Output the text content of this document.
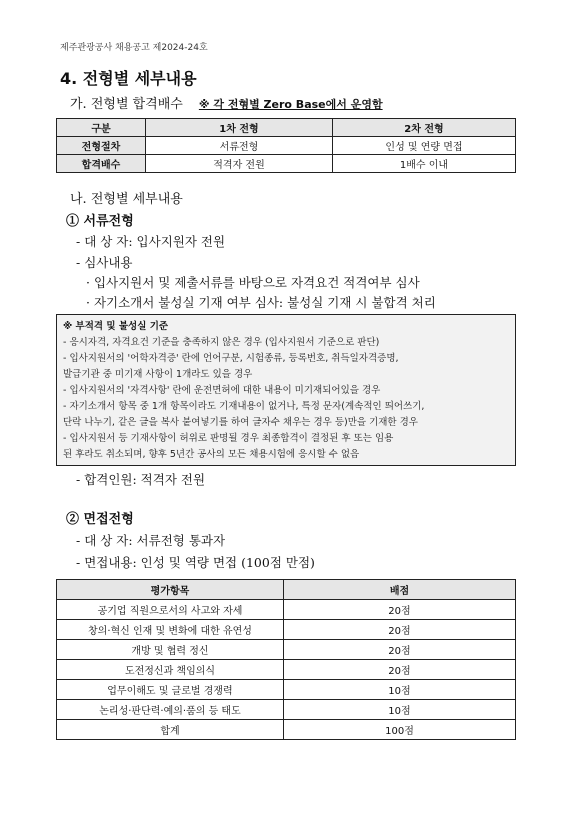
제주관광공사 채용공고 제2024-24호
4. 전형별 세부내용
가. 전형별 합격배수 ※ 각 전형별 Zero Base에서 운영함
구분	1차 전형	2차 전형
전형절차	서류전형	인성 및 연량 면접
합격배수	적격자 전원	1배수 이내
나. 전형별 세부내용
① 서류전형
- 대 상 자: 입사지원자 전원
- 심사내용
· 입사지원서 및 제출서류를 바탕으로 자격요건 적격여부 심사
· 자기소개서 불성실 기재 여부 심사: 불성실 기재 시 불합격 처리
※ 부적격 및 불성실 기준
- 응시자격, 자격요건 기준을 충족하지 않은 경우 (입사지원서 기준으로 판단)
- 입사지원서의 '어학자격증' 란에 언어구분, 시험종류, 등록번호, 취득일자격증명,
발급기관 중 미기재 사항이 1개라도 있을 경우
- 입사지원서의 '자격사항' 란에 운전면허에 대한 내용이 미기재되어있을 경우
- 자기소개서 항목 중 1개 항목이라도 기재내용이 없거나, 특정 문자(계속적인 띄어쓰기,
단락 나누기, 같은 글을 복사 붙여넣기를 하여 글자수 채우는 경우 등)만을 기재한 경우
- 입사지원서 등 기재사항이 허위로 판명될 경우 최종합격이 결정된 후 또는 임용
된 후라도 취소되며, 향후 5년간 공사의 모든 채용시험에 응시할 수 없음
- 합격인원: 적격자 전원
② 면접전형
- 대 상 자: 서류전형 통과자
- 면접내용: 인성 및 역량 면접 (100점 만점)
평가항목	배점
공기업 직원으로서의 사고와 자세	20점
창의·혁신 인재 및 변화에 대한 유연성	20점
개방 및 협력 정신	20점
도전정신과 책임의식	20점
업무이해도 및 글로벌 경쟁력	10점
논리성·판단력·예의·품의 등 태도	10점
합계	100점
